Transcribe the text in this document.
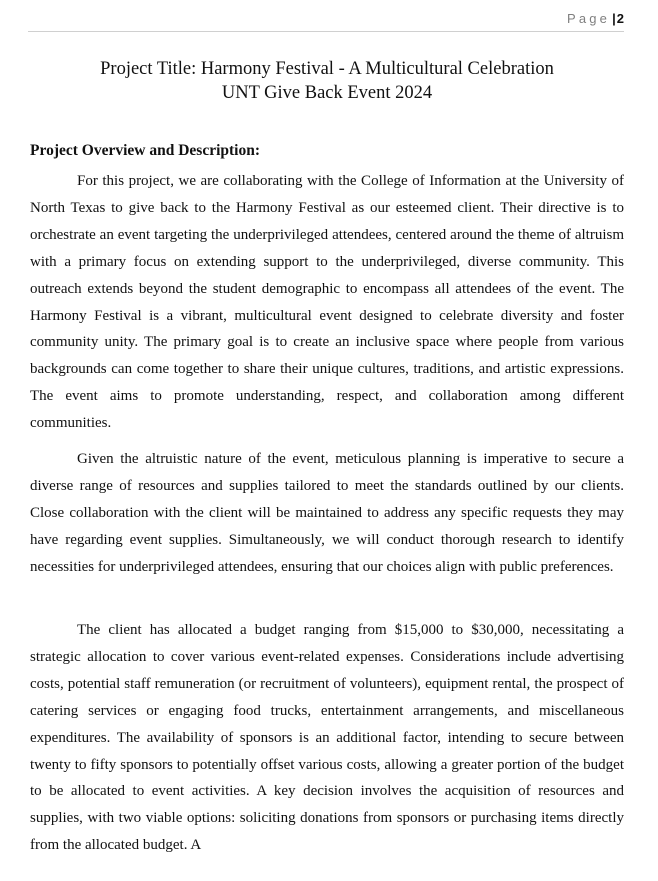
Page |2
Project Title: Harmony Festival - A Multicultural Celebration
UNT Give Back Event 2024
Project Overview and Description:

For this project, we are collaborating with the College of Information at the University of North Texas to give back to the Harmony Festival as our esteemed client. Their directive is to orchestrate an event targeting the underprivileged attendees, centered around the theme of altruism with a primary focus on extending support to the underprivileged, diverse community. This outreach extends beyond the student demographic to encompass all attendees of the event. The Harmony Festival is a vibrant, multicultural event designed to celebrate diversity and foster community unity. The primary goal is to create an inclusive space where people from various backgrounds can come together to share their unique cultures, traditions, and artistic expressions. The event aims to promote understanding, respect, and collaboration among different communities.

Given the altruistic nature of the event, meticulous planning is imperative to secure a diverse range of resources and supplies tailored to meet the standards outlined by our clients. Close collaboration with the client will be maintained to address any specific requests they may have regarding event supplies. Simultaneously, we will conduct thorough research to identify necessities for underprivileged attendees, ensuring that our choices align with public preferences.

The client has allocated a budget ranging from $15,000 to $30,000, necessitating a strategic allocation to cover various event-related expenses. Considerations include advertising costs, potential staff remuneration (or recruitment of volunteers), equipment rental, the prospect of catering services or engaging food trucks, entertainment arrangements, and miscellaneous expenditures. The availability of sponsors is an additional factor, intending to secure between twenty to fifty sponsors to potentially offset various costs, allowing a greater portion of the budget to be allocated to event activities. A key decision involves the acquisition of resources and supplies, with two viable options: soliciting donations from sponsors or purchasing items directly from the allocated budget. A
